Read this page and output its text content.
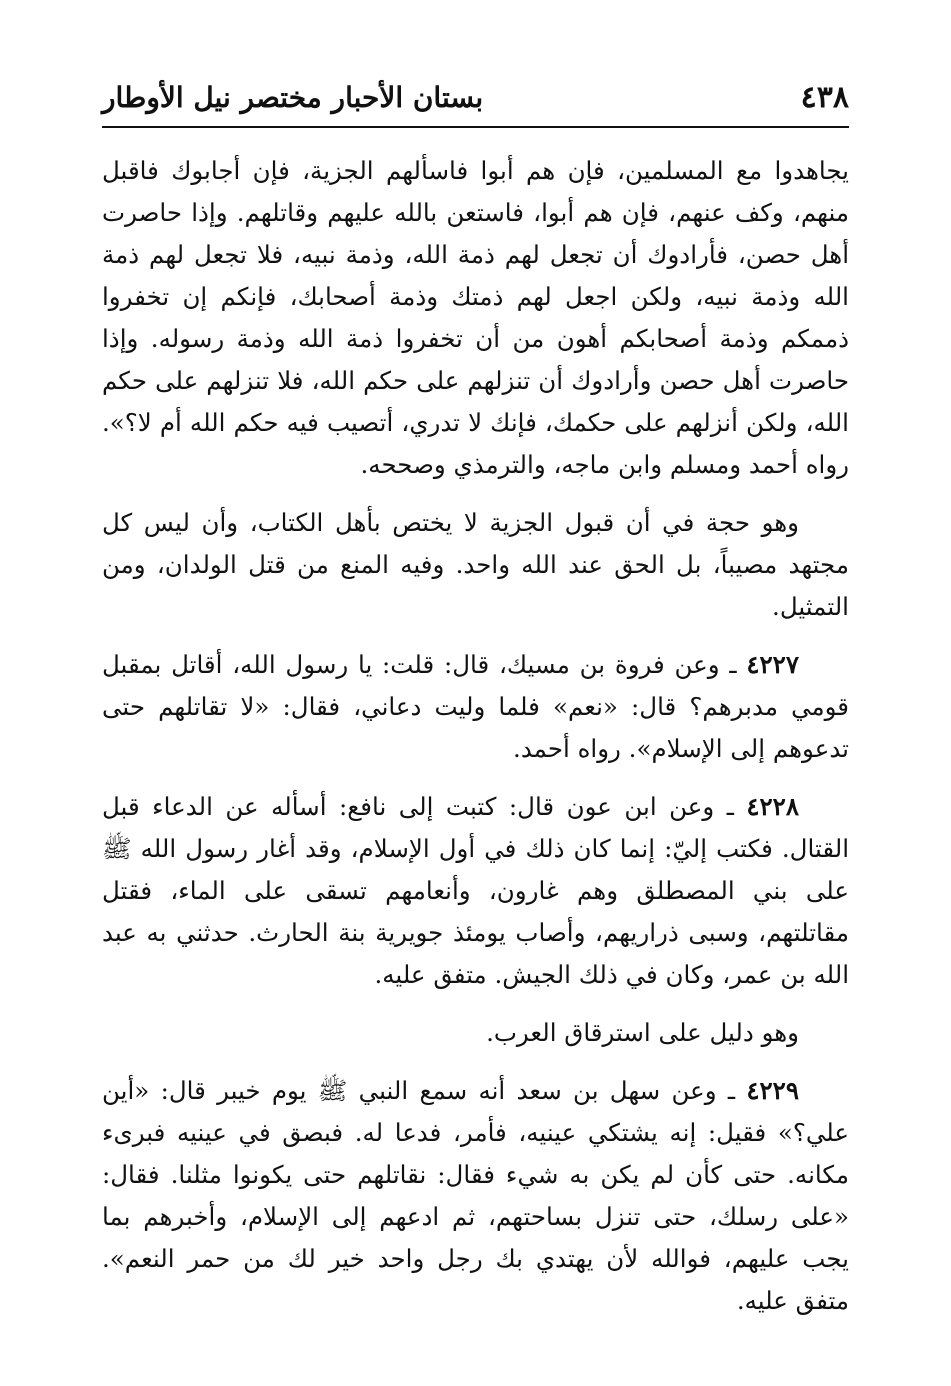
٤٣٨
بستان الأحبار مختصر نيل الأوطار

يجاهدوا مع المسلمين، فإن هم أبوا فاسألهم الجزية، فإن أجابوك فاقبل منهم، وكف عنهم، فإن هم أبوا، فاستعن بالله عليهم وقاتلهم. وإذا حاصرت أهل حصن، فأرادوك أن تجعل لهم ذمة الله، وذمة نبيه، فلا تجعل لهم ذمة الله وذمة نبيه، ولكن اجعل لهم ذمتك وذمة أصحابك، فإنكم إن تخفروا ذممكم وذمة أصحابكم أهون من أن تخفروا ذمة الله وذمة رسوله. وإذا حاصرت أهل حصن وأرادوك أن تنزلهم على حكم الله، فلا تنزلهم على حكم الله، ولكن أنزلهم على حكمك، فإنك لا تدري، أتصيب فيه حكم الله أم لا؟». رواه أحمد ومسلم وابن ماجه، والترمذي وصححه.

وهو حجة في أن قبول الجزية لا يختص بأهل الكتاب، وأن ليس كل مجتهد مصيباً، بل الحق عند الله واحد. وفيه المنع من قتل الولدان، ومن التمثيل.

٤٢٢٧ ـ وعن فروة بن مسيك، قال: قلت: يا رسول الله، أقاتل بمقبل قومي مدبرهم؟ قال: «نعم» فلما وليت دعاني، فقال: «لا تقاتلهم حتى تدعوهم إلى الإسلام». رواه أحمد.

٤٢٢٨ ـ وعن ابن عون قال: كتبت إلى نافع: أسأله عن الدعاء قبل القتال. فكتب إليّ: إنما كان ذلك في أول الإسلام، وقد أغار رسول الله ﷺ على بني المصطلق وهم غارون، وأنعامهم تسقى على الماء، فقتل مقاتلتهم، وسبى ذراريهم، وأصاب يومئذ جويرية بنة الحارث. حدثني به عبد الله بن عمر، وكان في ذلك الجيش. متفق عليه.

وهو دليل على استرقاق العرب.

٤٢٢٩ ـ وعن سهل بن سعد أنه سمع النبي ﷺ يوم خيبر قال: «أين علي؟» فقيل: إنه يشتكي عينيه، فأمر، فدعا له. فبصق في عينيه فبرىء مكانه. حتى كأن لم يكن به شيء فقال: نقاتلهم حتى يكونوا مثلنا. فقال: «على رسلك، حتى تنزل بساحتهم، ثم ادعهم إلى الإسلام، وأخبرهم بما يجب عليهم، فوالله لأن يهتدي بك رجل واحد خير لك من حمر النعم». متفق عليه.
